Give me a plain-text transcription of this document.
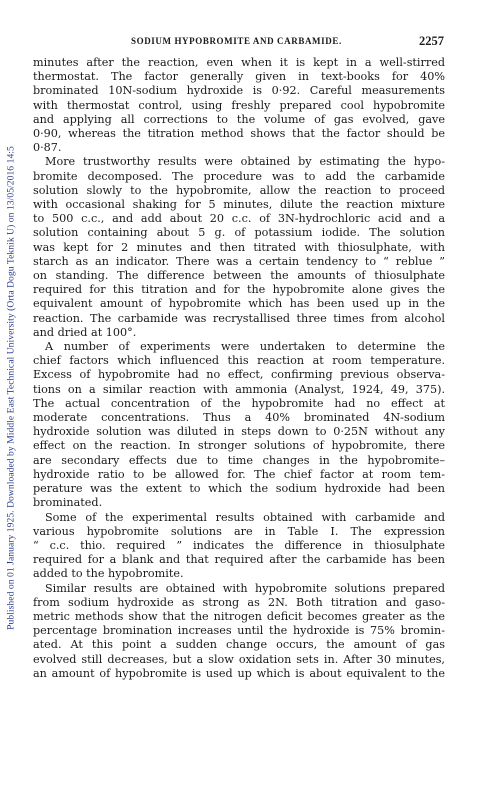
Published on 01 January 1925. Downloaded by Middle East Technical University (Orta Dogu Teknik U) on 13/05/2016 14:5
SODIUM HYPOBROMITE AND CARBAMIDE.	2257

minutes after the reaction, even when it is kept in a well-stirred
thermostat. The factor generally given in text-books for 40%
brominated 10N-sodium hydroxide is 0·92. Careful measurements
with thermostat control, using freshly prepared cool hypobromite
and applying all corrections to the volume of gas evolved, gave
0·90, whereas the titration method shows that the factor should be
0·87.

More trustworthy results were obtained by estimating the hypo-
bromite decomposed. The procedure was to add the carbamide
solution slowly to the hypobromite, allow the reaction to proceed
with occasional shaking for 5 minutes, dilute the reaction mixture
to 500 c.c., and add about 20 c.c. of 3N-hydrochloric acid and a
solution containing about 5 g. of potassium iodide. The solution
was kept for 2 minutes and then titrated with thiosulphate, with
starch as an indicator. There was a certain tendency to “ reblue ”
on standing. The difference between the amounts of thiosulphate
required for this titration and for the hypobromite alone gives the
equivalent amount of hypobromite which has been used up in the
reaction. The carbamide was recrystallised three times from alcohol
and dried at 100°.

A number of experiments were undertaken to determine the
chief factors which influenced this reaction at room temperature.
Excess of hypobromite had no effect, confirming previous observa-
tions on a similar reaction with ammonia (Analyst, 1924, 49, 375).
The actual concentration of the hypobromite had no effect at
moderate concentrations. Thus a 40% brominated 4N-sodium
hydroxide solution was diluted in steps down to 0·25N without any
effect on the reaction. In stronger solutions of hypobromite, there
are secondary effects due to time changes in the hypobromite–
hydroxide ratio to be allowed for. The chief factor at room tem-
perature was the extent to which the sodium hydroxide had been
brominated.

Some of the experimental results obtained with carbamide and
various hypobromite solutions are in Table I. The expression
“ c.c. thio. required ” indicates the difference in thiosulphate
required for a blank and that required after the carbamide has been
added to the hypobromite.

Similar results are obtained with hypobromite solutions prepared
from sodium hydroxide as strong as 2N. Both titration and gaso-
metric methods show that the nitrogen deficit becomes greater as the
percentage bromination increases until the hydroxide is 75% bromin-
ated. At this point a sudden change occurs, the amount of gas
evolved still decreases, but a slow oxidation sets in. After 30 minutes,
an amount of hypobromite is used up which is about equivalent to the
